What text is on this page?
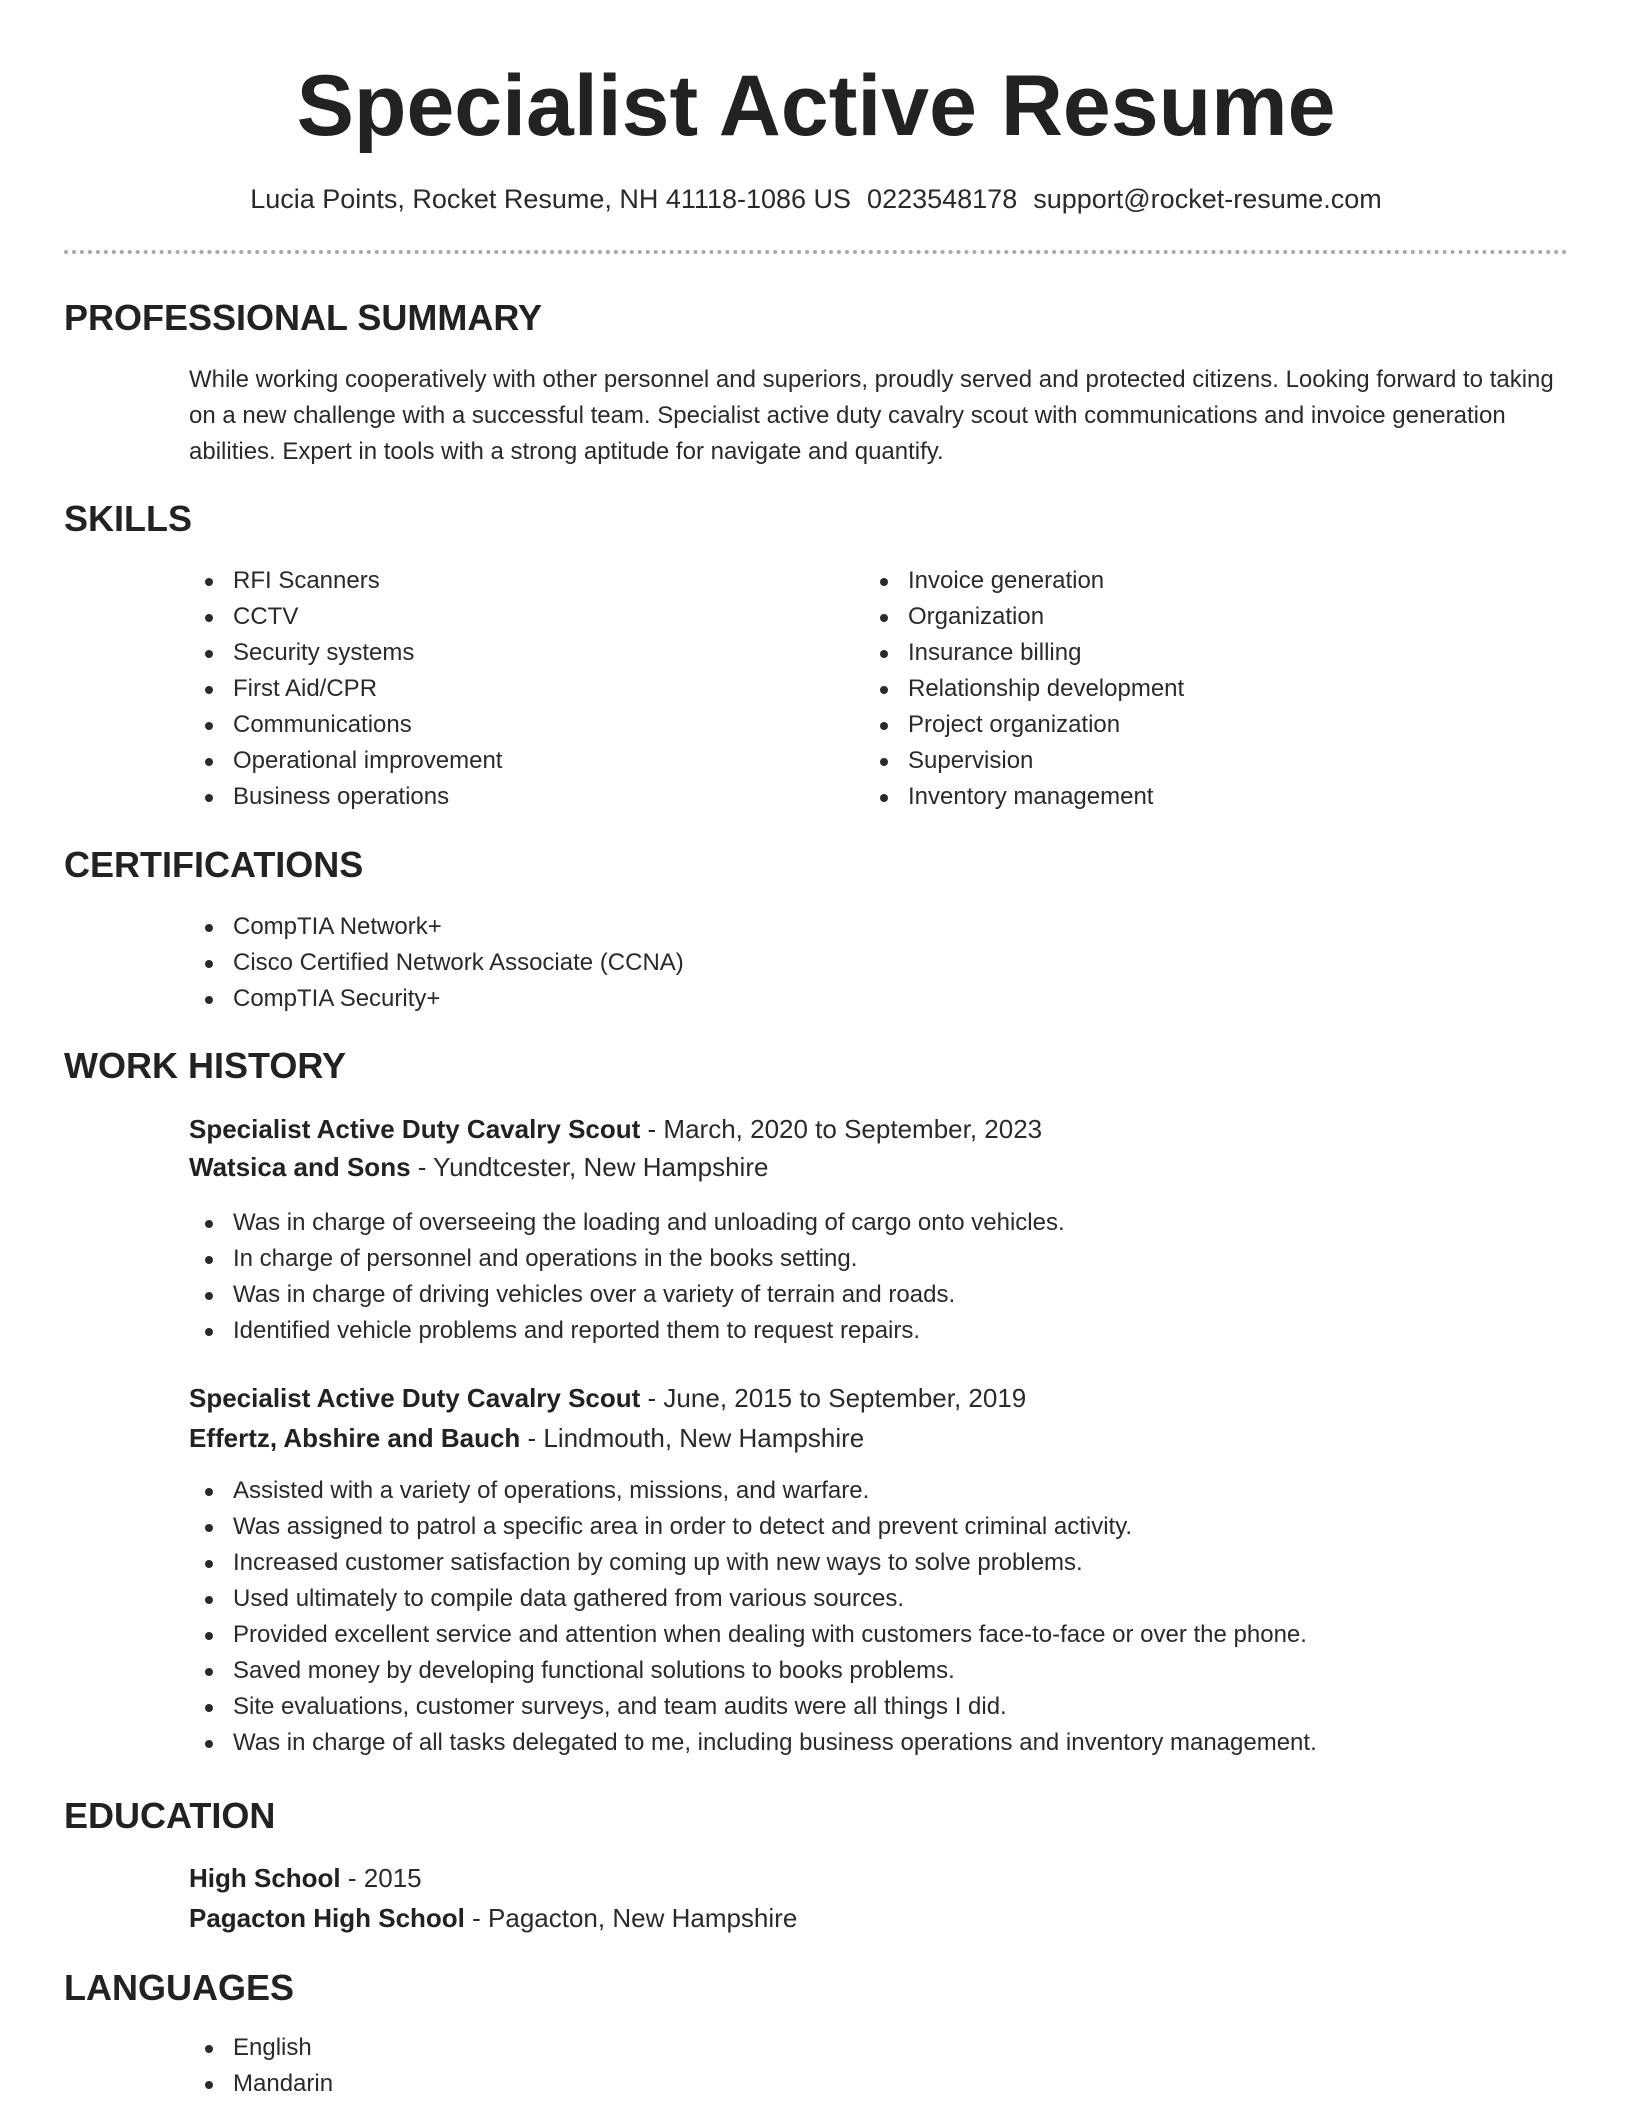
Specialist Active Resume
Lucia Points, Rocket Resume, NH 41118-1086 US 0223548178 support@rocket-resume.com
PROFESSIONAL SUMMARY

While working cooperatively with other personnel and superiors, proudly served and protected citizens. Looking forward to taking on a new challenge with a successful team. Specialist active duty cavalry scout with communications and invoice generation abilities. Expert in tools with a strong aptitude for navigate and quantify.

SKILLS
RFI Scanners
CCTV
Security systems
First Aid/CPR
Communications
Operational improvement
Business operations
Invoice generation
Organization
Insurance billing
Relationship development
Project organization
Supervision
Inventory management
CERTIFICATIONS
CompTIA Network+
Cisco Certified Network Associate (CCNA)
CompTIA Security+
WORK HISTORY
Specialist Active Duty Cavalry Scout - March, 2020 to September, 2023
Watsica and Sons - Yundtcester, New Hampshire
Was in charge of overseeing the loading and unloading of cargo onto vehicles.
In charge of personnel and operations in the books setting.
Was in charge of driving vehicles over a variety of terrain and roads.
Identified vehicle problems and reported them to request repairs.
Specialist Active Duty Cavalry Scout - June, 2015 to September, 2019
Effertz, Abshire and Bauch - Lindmouth, New Hampshire
Assisted with a variety of operations, missions, and warfare.
Was assigned to patrol a specific area in order to detect and prevent criminal activity.
Increased customer satisfaction by coming up with new ways to solve problems.
Used ultimately to compile data gathered from various sources.
Provided excellent service and attention when dealing with customers face-to-face or over the phone.
Saved money by developing functional solutions to books problems.
Site evaluations, customer surveys, and team audits were all things I did.
Was in charge of all tasks delegated to me, including business operations and inventory management.
EDUCATION
High School - 2015
Pagacton High School - Pagacton, New Hampshire
LANGUAGES
English
Mandarin
